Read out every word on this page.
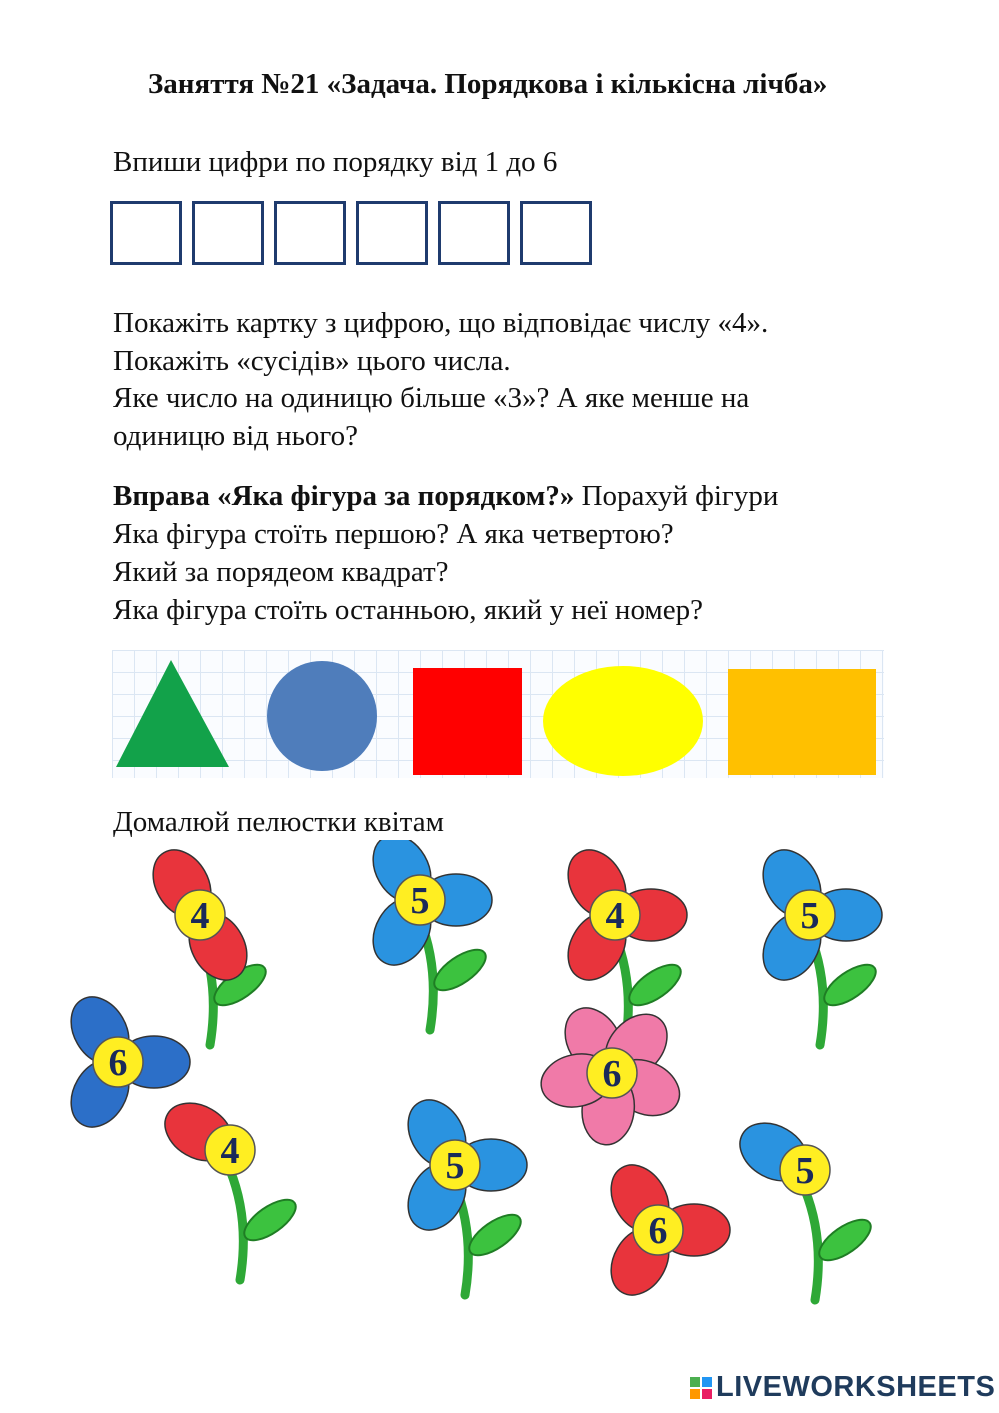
Заняття №21 «Задача. Порядкова і кількісна лічба»
Впиши цифри по порядку від 1 до 6
Покажіть картку з цифрою, що відповідає числу «4».
Покажіть «сусідів» цього числа.
Яке число на одиницю більше «3»? А яке менше на
одиницю від нього?
Вправа «Яка фігура за порядком?» Порахуй фігури
Яка фігура стоїть першою? А яка четвертою?
Який за порядеом квадрат?
Яка фігура стоїть останньою, який у неї номер?
Домалюй пелюстки квітам
4	5	4	5
6	6
4	5
6
5
LIVEWORKSHEETS
